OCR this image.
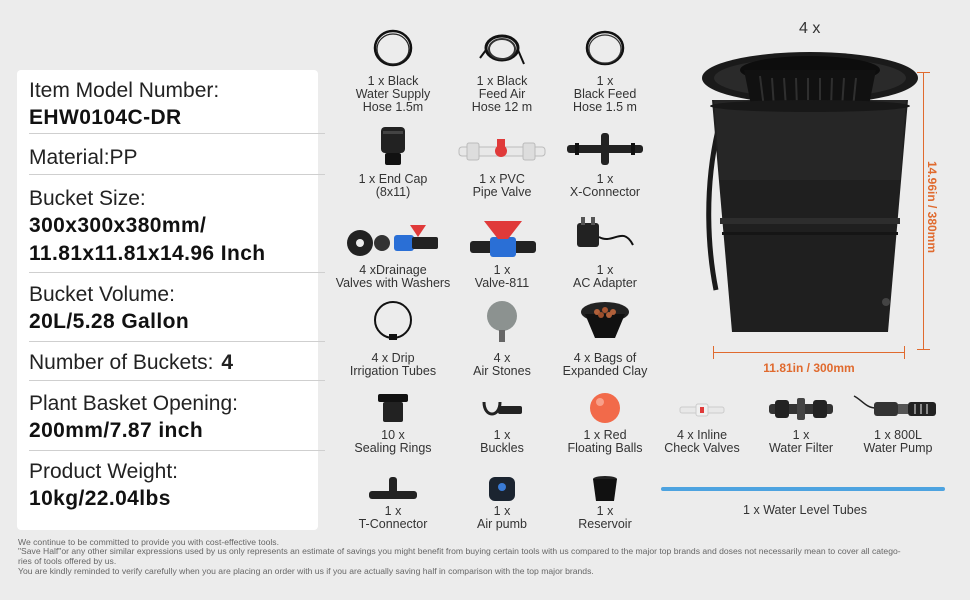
Item Model Number:
EHW0104C-DR
Material:PP
Bucket Size:
300x300x380mm/
11.81x11.81x14.96 Inch
Bucket Volume:
20L/5.28 Gallon
Number of Buckets: 4
Plant Basket Opening:
200mm/7.87 inch
Product Weight:
10kg/22.04lbs
1 x Black
Water Supply
Hose 1.5m
1 x Black
Feed Air
Hose 12 m
1 x
Black Feed
Hose 1.5 m
1 x End Cap
(8x11)
1 x PVC
Pipe Valve
1 x
X-Connector
4 xDrainage
Valves with Washers
1 x
Valve-811
1 x
AC Adapter
4 x Drip
Irrigation Tubes
4 x
Air Stones
4 x Bags of
Expanded Clay
10 x
Sealing Rings
1 x
Buckles
1 x Red
Floating Balls
4 x Inline
Check Valves
1 x
Water Filter
1 x 800L
Water Pump
1 x
T-Connector
1 x
Air pumb
1 x
Reservoir
1 x Water Level Tubes
4 x
14.96in / 380mm
11.81in / 300mm
We continue to be committed to provide you with cost-effective tools.
"Save Half"or any other similar expressions used by us only represents an estimate of savings you might benefit from buying certain tools with us compared to the major top brands and doses not necessarily mean to cover all catego-
ries of tools offered by us.
You are kindly reminded to verify carefully when you are placing an order with us if you are actually saving half in comparison with the top major brands.
